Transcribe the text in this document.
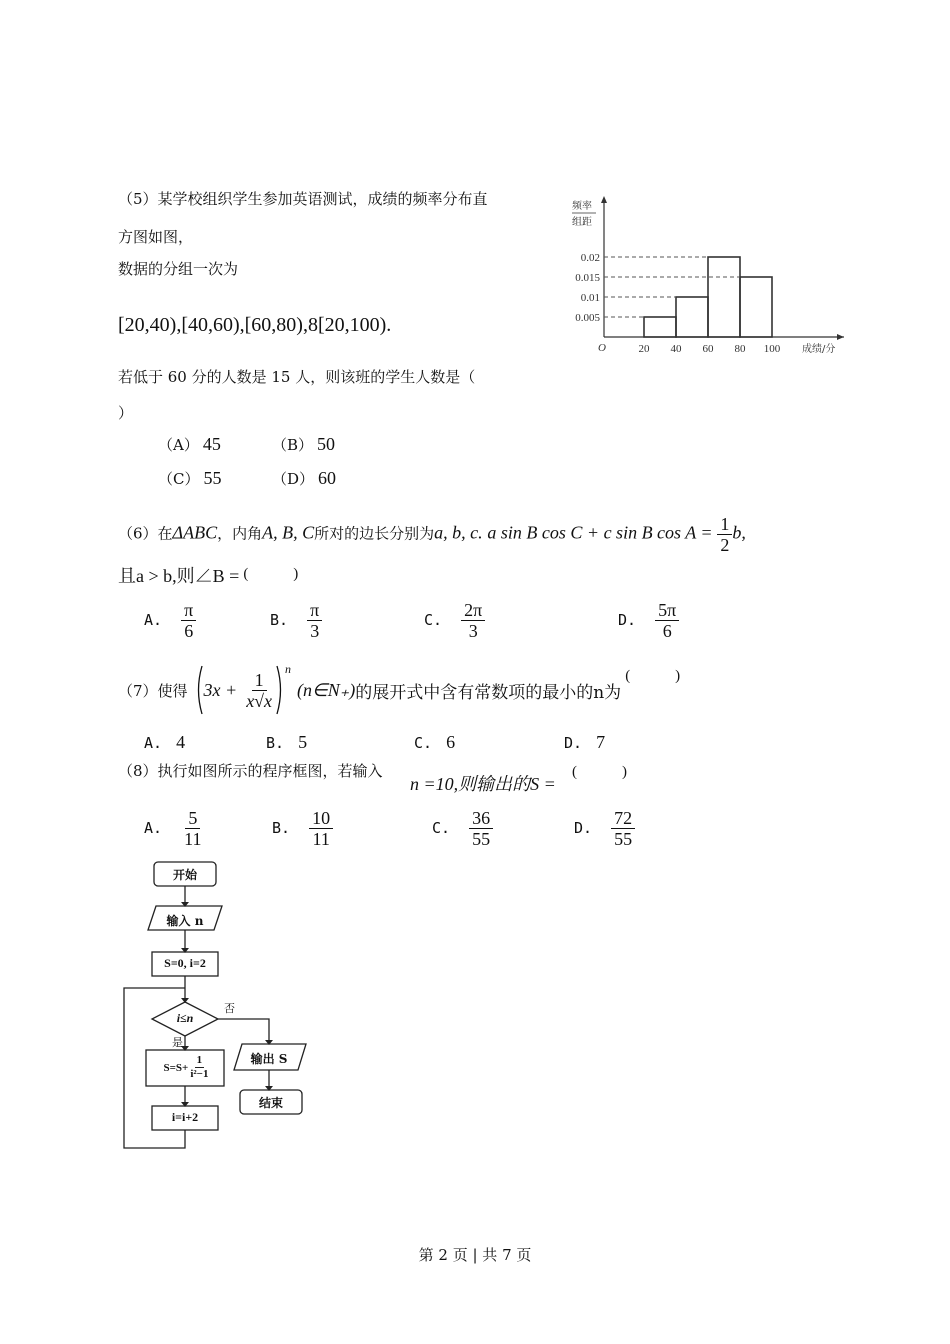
（5）某学校组织学生参加英语测试，成绩的频率分布直
方图如图，
数据的分组一次为
[20,40),[40,60),[60,80),8[20,100).
若低于 60 分的人数是 15 人，则该班的学生人数是（
）
（A） 45	（B） 50
（C） 55	（D） 60
频率
组距
O
0.005
0.01
0.015
0.02
20 40 60 80 100 成绩/分
（6）在ΔABC，内角A, B, C所对的边长分别为a, b, c. a sin B cos C + c sin B $\cos A = \frac{1}{2} b$,
且a > b,则∠B = (　　　)
A. $\frac{\pi}{6}$	B. $\frac{\pi}{3}$	C. $\frac{2\pi}{3}$	D. $\frac{5\pi}{6}$
（7）使得 $3x + \frac{1}{x√x}$
n
(n∈N₊) 的展开式中含有常数项的最小的n为
(　　　)
A. 4	B. 5	C. 6	D. 7
（8）执行如图所示的程序框图，若输入
n =10,则输出的S =
(　　　)
A. $\frac{5}{11}$	B. $\frac{10}{11}$	C. $\frac{36}{55}$	D. $\frac{72}{55}$
开始
输入 n
S=0, i=2
i≤n
是
否
$S=S+ \frac{1}{\text{i²−1}}$
i=i+2
输出 S
结束
第 2 页 | 共 7 页
